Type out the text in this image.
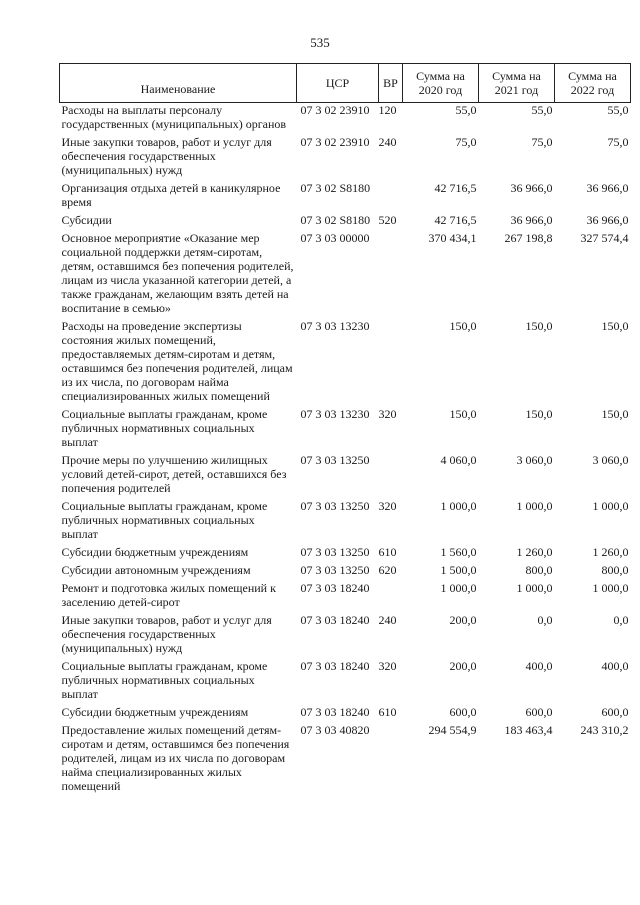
535
Наименование	ЦСР	ВР	Сумма на 2020 год	Сумма на 2021 год	Сумма на 2022 год
Расходы на выплаты персоналу государственных (муниципальных) органов	07 3 02 23910	120	55,0	55,0	55,0
Иные закупки товаров, работ и услуг для обеспечения государственных (муниципальных) нужд	07 3 02 23910	240	75,0	75,0	75,0
Организация отдыха детей в каникулярное время	07 3 02 S8180		42 716,5	36 966,0	36 966,0
Субсидии	07 3 02 S8180	520	42 716,5	36 966,0	36 966,0
Основное мероприятие «Оказание мер социальной поддержки детям-сиротам, детям, оставшимся без попечения родителей, лицам из числа указанной категории детей, а также гражданам, желающим взять детей на воспитание в семью»	07 3 03 00000		370 434,1	267 198,8	327 574,4
Расходы на проведение экспертизы состояния жилых помещений, предоставляемых детям-сиротам и детям, оставшимся без попечения родителей, лицам из их числа, по договорам найма специализированных жилых помещений	07 3 03 13230		150,0	150,0	150,0
Социальные выплаты гражданам, кроме публичных нормативных социальных выплат	07 3 03 13230	320	150,0	150,0	150,0
Прочие меры по улучшению жилищных условий детей-сирот, детей, оставшихся без попечения родителей	07 3 03 13250		4 060,0	3 060,0	3 060,0
Социальные выплаты гражданам, кроме публичных нормативных социальных выплат	07 3 03 13250	320	1 000,0	1 000,0	1 000,0
Субсидии бюджетным учреждениям	07 3 03 13250	610	1 560,0	1 260,0	1 260,0
Субсидии автономным учреждениям	07 3 03 13250	620	1 500,0	800,0	800,0
Ремонт и подготовка жилых помещений к заселению детей-сирот	07 3 03 18240		1 000,0	1 000,0	1 000,0
Иные закупки товаров, работ и услуг для обеспечения государственных (муниципальных) нужд	07 3 03 18240	240	200,0	0,0	0,0
Социальные выплаты гражданам, кроме публичных нормативных социальных выплат	07 3 03 18240	320	200,0	400,0	400,0
Субсидии бюджетным учреждениям	07 3 03 18240	610	600,0	600,0	600,0
Предоставление жилых помещений детям-сиротам и детям, оставшимся без попечения родителей, лицам из их числа по договорам найма специализированных жилых помещений	07 3 03 40820		294 554,9	183 463,4	243 310,2
